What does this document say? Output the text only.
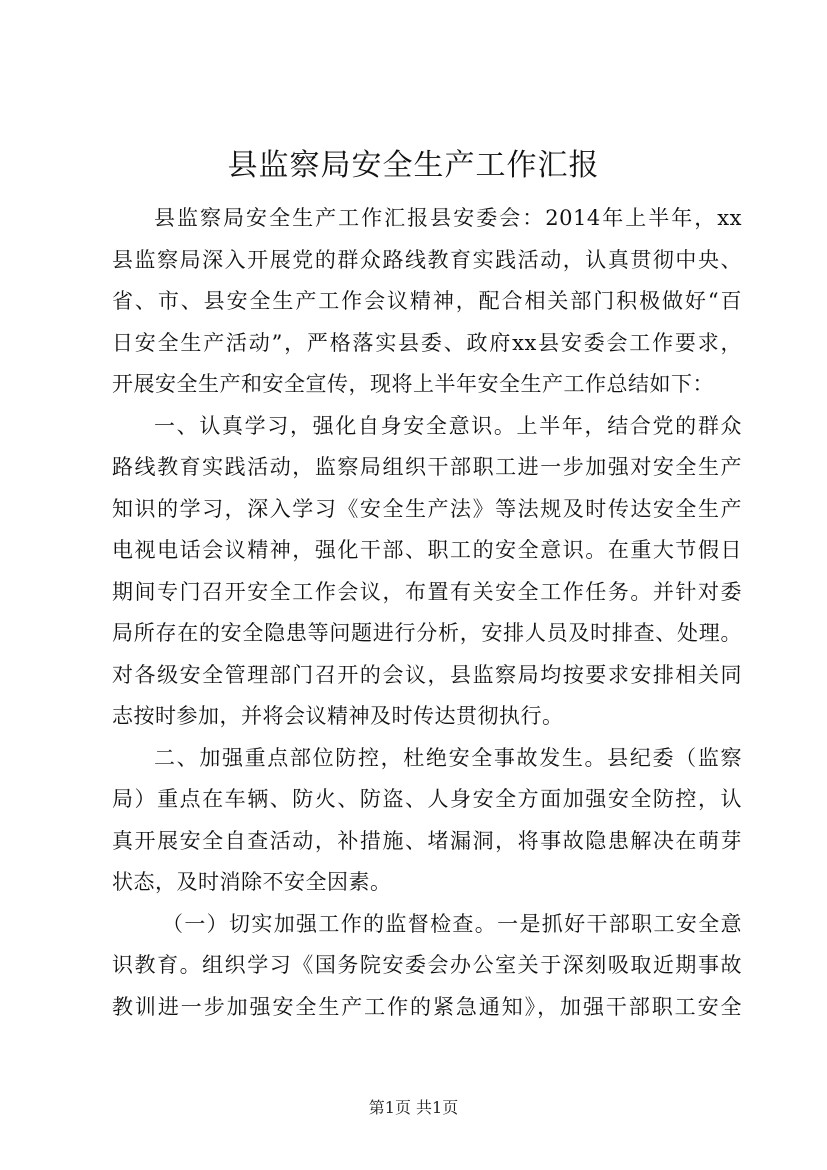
县监察局安全生产工作汇报
县监察局安全生产工作汇报县安委会：2014年上半年，xx
县监察局深入开展党的群众路线教育实践活动，认真贯彻中央、
省、市、县安全生产工作会议精神，配合相关部门积极做好“百
日安全生产活动”，严格落实县委、政府xx县安委会工作要求，
开展安全生产和安全宣传，现将上半年安全生产工作总结如下：
一、认真学习，强化自身安全意识。上半年，结合党的群众
路线教育实践活动，监察局组织干部职工进一步加强对安全生产
知识的学习，深入学习《安全生产法》等法规及时传达安全生产
电视电话会议精神，强化干部、职工的安全意识。在重大节假日
期间专门召开安全工作会议，布置有关安全工作任务。并针对委
局所存在的安全隐患等问题进行分析，安排人员及时排查、处理。
对各级安全管理部门召开的会议，县监察局均按要求安排相关同
志按时参加，并将会议精神及时传达贯彻执行。
二、加强重点部位防控，杜绝安全事故发生。县纪委（监察
局）重点在车辆、防火、防盗、人身安全方面加强安全防控，认
真开展安全自查活动，补措施、堵漏洞，将事故隐患解决在萌芽
状态，及时消除不安全因素。
（一）切实加强工作的监督检查。一是抓好干部职工安全意
识教育。组织学习《国务院安委会办公室关于深刻吸取近期事故
教训进一步加强安全生产工作的紧急通知》，加强干部职工安全
第1页 共1页
